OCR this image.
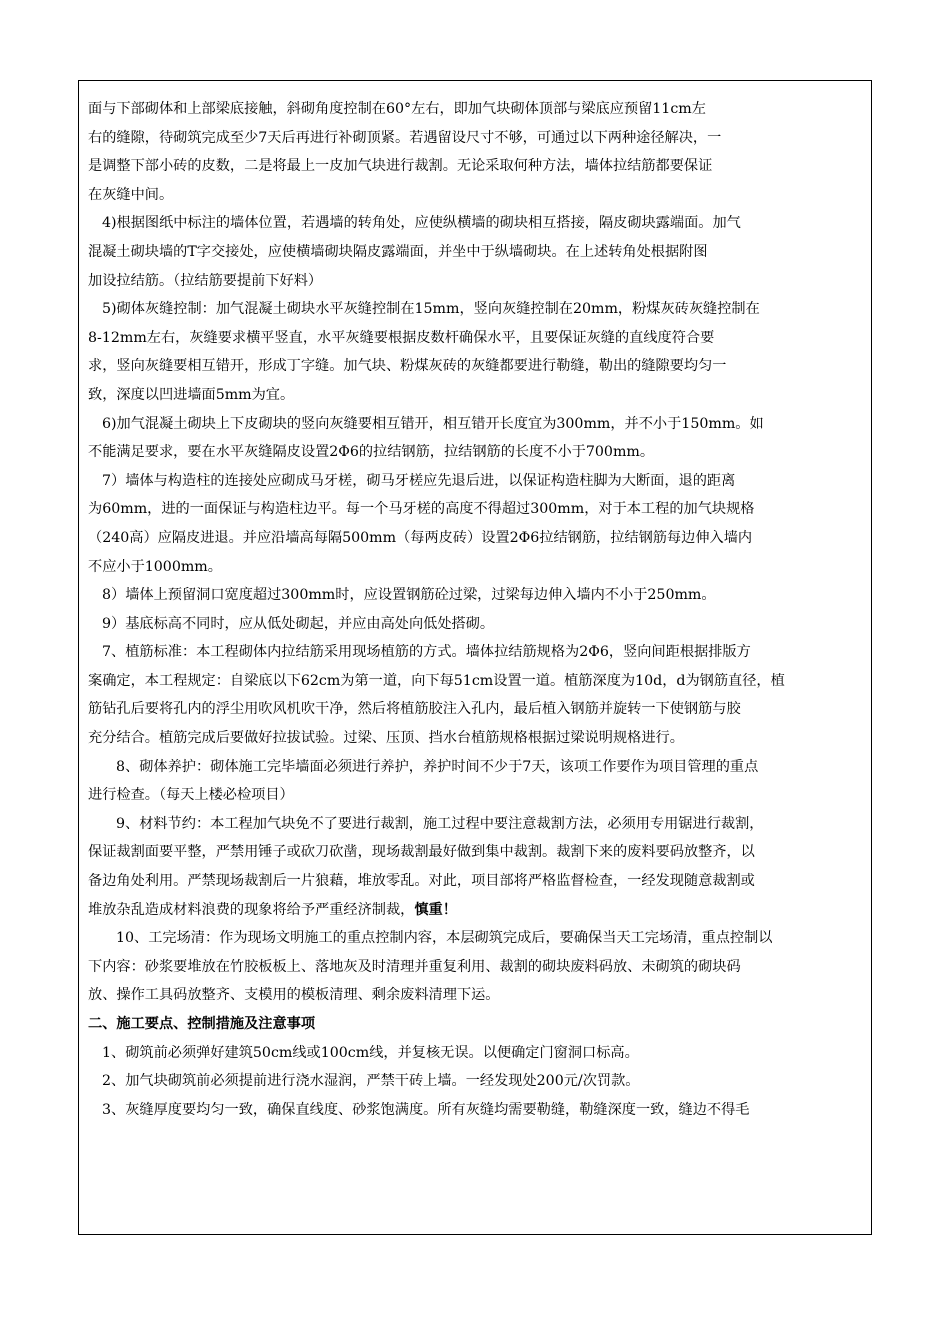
面与下部砌体和上部梁底接触，斜砌角度控制在60°左右，即加气块砌体顶部与梁底应预留11cm左
右的缝隙，待砌筑完成至少7天后再进行补砌顶紧。若遇留设尺寸不够，可通过以下两种途径解决，一
是调整下部小砖的皮数，二是将最上一皮加气块进行裁割。无论采取何种方法，墙体拉结筋都要保证
在灰缝中间。
4)根据图纸中标注的墙体位置，若遇墙的转角处，应使纵横墙的砌块相互搭接，隔皮砌块露端面。加气
混凝土砌块墙的T字交接处，应使横墙砌块隔皮露端面，并坐中于纵墙砌块。在上述转角处根据附图
加设拉结筋。（拉结筋要提前下好料）
5)砌体灰缝控制：加气混凝土砌块水平灰缝控制在15mm，竖向灰缝控制在20mm，粉煤灰砖灰缝控制在
8-12mm左右，灰缝要求横平竖直，水平灰缝要根据皮数杆确保水平，且要保证灰缝的直线度符合要
求，竖向灰缝要相互错开，形成丁字缝。加气块、粉煤灰砖的灰缝都要进行勒缝，勒出的缝隙要均匀一
致，深度以凹进墙面5mm为宜。
6)加气混凝土砌块上下皮砌块的竖向灰缝要相互错开，相互错开长度宜为300mm，并不小于150mm。如
不能满足要求，要在水平灰缝隔皮设置2Φ6的拉结钢筋，拉结钢筋的长度不小于700mm。
7）墙体与构造柱的连接处应砌成马牙槎，砌马牙槎应先退后进，以保证构造柱脚为大断面，退的距离
为60mm，进的一面保证与构造柱边平。每一个马牙槎的高度不得超过300mm，对于本工程的加气块规格
（240高）应隔皮进退。并应沿墙高每隔500mm（每两皮砖）设置2Φ6拉结钢筋，拉结钢筋每边伸入墙内
不应小于1000mm。
8）墙体上预留洞口宽度超过300mm时，应设置钢筋砼过梁，过梁每边伸入墙内不小于250mm。
9）基底标高不同时，应从低处砌起，并应由高处向低处搭砌。
7、植筋标准：本工程砌体内拉结筋采用现场植筋的方式。墙体拉结筋规格为2Φ6，竖向间距根据排版方
案确定，本工程规定：自梁底以下62cm为第一道，向下每51cm设置一道。植筋深度为10d，d为钢筋直径，植
筋钻孔后要将孔内的浮尘用吹风机吹干净，然后将植筋胶注入孔内，最后植入钢筋并旋转一下使钢筋与胶
充分结合。植筋完成后要做好拉拔试验。过梁、压顶、挡水台植筋规格根据过梁说明规格进行。
8、砌体养护：砌体施工完毕墙面必须进行养护，养护时间不少于7天，该项工作要作为项目管理的重点
进行检查。（每天上楼必检项目）
9、材料节约：本工程加气块免不了要进行裁割，施工过程中要注意裁割方法，必须用专用锯进行裁割，
保证裁割面要平整，严禁用锤子或砍刀砍凿，现场裁割最好做到集中裁割。裁割下来的废料要码放整齐，以
备边角处利用。严禁现场裁割后一片狼藉，堆放零乱。对此，项目部将严格监督检查，一经发现随意裁割或
堆放杂乱造成材料浪费的现象将给予严重经济制裁，慎重！
10、工完场清：作为现场文明施工的重点控制内容，本层砌筑完成后，要确保当天工完场清，重点控制以
下内容：砂浆要堆放在竹胶板板上、落地灰及时清理并重复利用、裁割的砌块废料码放、未砌筑的砌块码
放、操作工具码放整齐、支模用的模板清理、剩余废料清理下运。
二、施工要点、控制措施及注意事项
1、砌筑前必须弹好建筑50cm线或100cm线，并复核无误。以便确定门窗洞口标高。
2、加气块砌筑前必须提前进行浇水湿润，严禁干砖上墙。一经发现处200元/次罚款。
3、灰缝厚度要均匀一致，确保直线度、砂浆饱满度。所有灰缝均需要勒缝，勒缝深度一致，缝边不得毛
